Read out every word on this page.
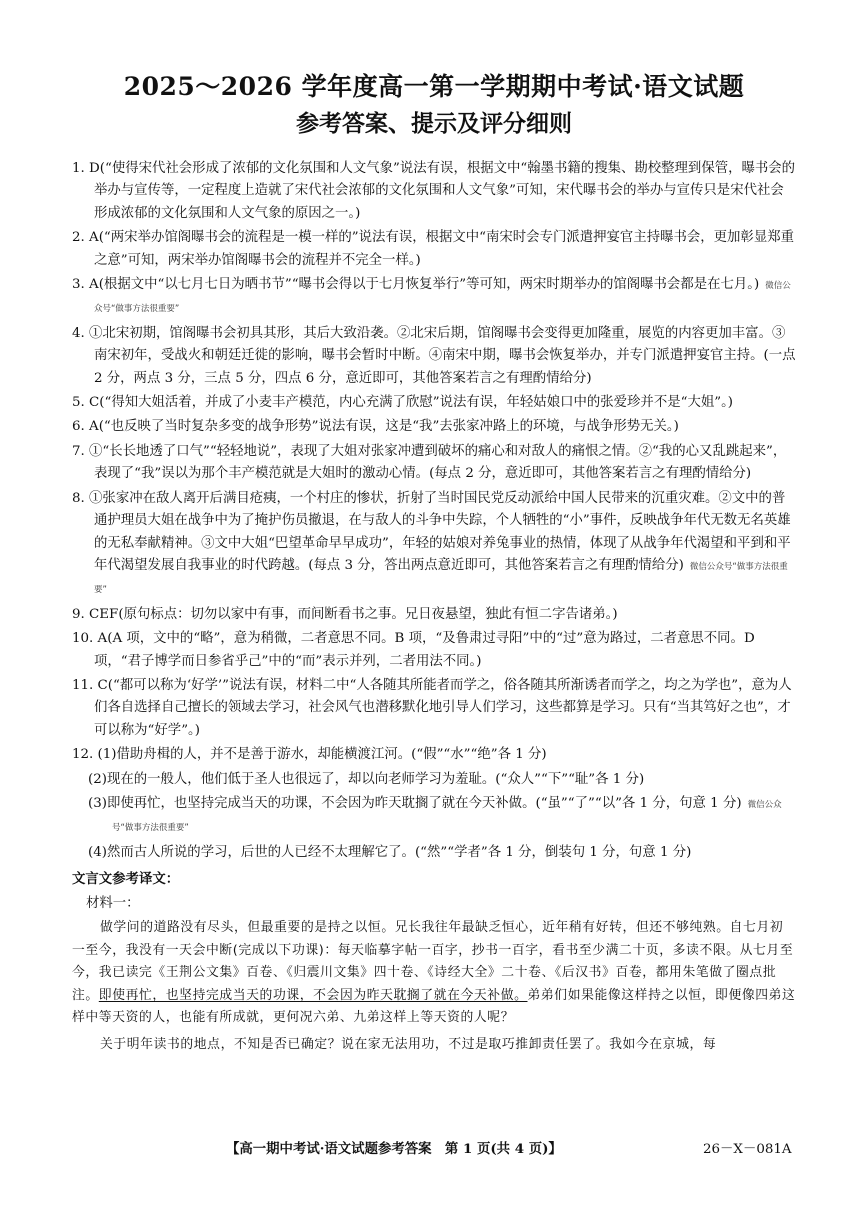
2025～2026 学年度高一第一学期期中考试·语文试题
参考答案、提示及评分细则

1. D(“使得宋代社会形成了浓郁的文化氛围和人文气象”说法有误，根据文中“翰墨书籍的搜集、勘校整理到保管，曝书会的举办与宣传等，一定程度上造就了宋代社会浓郁的文化氛围和人文气象”可知，宋代曝书会的举办与宣传只是宋代社会形成浓郁的文化氛围和人文气象的原因之一。)

2. A(“两宋举办馆阁曝书会的流程是一模一样的”说法有误，根据文中“南宋时会专门派遣押宴官主持曝书会，更加彰显郑重之意”可知，两宋举办馆阁曝书会的流程并不完全一样。)

3. A(根据文中“以七月七日为晒书节”“曝书会得以于七月恢复举行”等可知，两宋时期举办的馆阁曝书会都是在七月。) 微信公众号“做事方法很重要”

4. ①北宋初期，馆阁曝书会初具其形，其后大致沿袭。②北宋后期，馆阁曝书会变得更加隆重，展览的内容更加丰富。③南宋初年，受战火和朝廷迁徙的影响，曝书会暂时中断。④南宋中期，曝书会恢复举办，并专门派遣押宴官主持。(一点 2 分，两点 3 分，三点 5 分，四点 6 分，意近即可，其他答案若言之有理酌情给分)

5. C(“得知大姐活着，并成了小麦丰产模范，内心充满了欣慰”说法有误，年轻姑娘口中的张爱珍并不是“大姐”。)

6. A(“也反映了当时复杂多变的战争形势”说法有误，这是“我”去张家冲路上的环境，与战争形势无关。)

7. ①“长长地透了口气”“轻轻地说”，表现了大姐对张家冲遭到破坏的痛心和对敌人的痛恨之情。②“我的心又乱跳起来”，表现了“我”误以为那个丰产模范就是大姐时的激动心情。(每点 2 分，意近即可，其他答案若言之有理酌情给分)

8. ①张家冲在敌人离开后满目疮痍，一个村庄的惨状，折射了当时国民党反动派给中国人民带来的沉重灾难。②文中的普通护理员大姐在战争中为了掩护伤员撤退，在与敌人的斗争中失踪，个人牺牲的“小”事件，反映战争年代无数无名英雄的无私奉献精神。③文中大姐“巴望革命早早成功”，年轻的姑娘对养兔事业的热情，体现了从战争年代渴望和平到和平年代渴望发展自我事业的时代跨越。(每点 3 分，答出两点意近即可，其他答案若言之有理酌情给分) 微信公众号“做事方法很重要”

9. CEF(原句标点：切勿以家中有事，而间断看书之事。兄日夜悬望，独此有恒二字告诸弟。)

10. A(A 项，文中的“略”，意为稍微，二者意思不同。B 项，“及鲁肃过寻阳”中的“过”意为路过，二者意思不同。D 项，“君子博学而日参省乎己”中的“而”表示并列，二者用法不同。)

11. C(“都可以称为‘好学’”说法有误，材料二中“人各随其所能者而学之，俗各随其所渐诱者而学之，均之为学也”，意为人们各自选择自己擅长的领域去学习，社会风气也潜移默化地引导人们学习，这些都算是学习。只有“当其笃好之也”，才可以称为“好学”。)

12. (1)借助舟楫的人，并不是善于游水，却能横渡江河。(“假”“水”“绝”各 1 分)

(2)现在的一般人，他们低于圣人也很远了，却以向老师学习为羞耻。(“众人”“下”“耻”各 1 分)

(3)即使再忙，也坚持完成当天的功课，不会因为昨天耽搁了就在今天补做。(“虽”“了”“以”各 1 分，句意 1 分) 微信公众号“做事方法很重要”

(4)然而古人所说的学习，后世的人已经不太理解它了。(“然”“学者”各 1 分，倒装句 1 分，句意 1 分)

文言文参考译文：

材料一：

做学问的道路没有尽头，但最重要的是持之以恒。兄长我往年最缺乏恒心，近年稍有好转，但还不够纯熟。自七月初一至今，我没有一天会中断(完成以下功课)：每天临摹字帖一百字，抄书一百字，看书至少满二十页，多读不限。从七月至今，我已读完《王荆公文集》百卷、《归震川文集》四十卷、《诗经大全》二十卷、《后汉书》百卷，都用朱笔做了圈点批注。即使再忙，也坚持完成当天的功课，不会因为昨天耽搁了就在今天补做。弟弟们如果能像这样持之以恒，即便像四弟这样中等天资的人，也能有所成就，更何况六弟、九弟这样上等天资的人呢？

关于明年读书的地点，不知是否已确定？说在家无法用功，不过是取巧推卸责任罢了。我如今在京城，每

【高一期中考试·语文试题参考答案　第 1 页(共 4 页)】	26－X－081A
